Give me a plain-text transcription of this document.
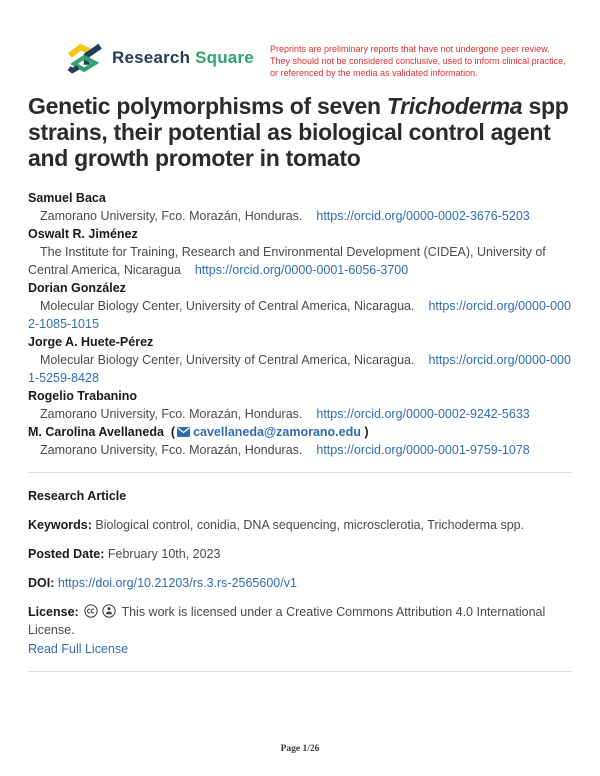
Research Square Preprints are preliminary reports that have not undergone peer review.
They should not be considered conclusive, used to inform clinical practice,
or referenced by the media as validated information.
Genetic polymorphisms of seven Trichoderma spp strains, their potential as biological control agent and growth promoter in tomato
Samuel Baca

Zamorano University, Fco. Morazán, Honduras. https://orcid.org/0000-0002-3676-5203

Oswalt R. Jiménez

The Institute for Training, Research and Environmental Development (CIDEA), University of Central America, Nicaragua https://orcid.org/0000-0001-6056-3700

Dorian González

Molecular Biology Center, University of Central America, Nicaragua. https://orcid.org/0000-0002-1085-1015

Jorge A. Huete-Pérez

Molecular Biology Center, University of Central America, Nicaragua. https://orcid.org/0000-0001-5259-8428

Rogelio Trabanino

Zamorano University, Fco. Morazán, Honduras. https://orcid.org/0000-0002-9242-5633

M. Carolina Avellaneda ( cavellaneda@zamorano.edu )

Zamorano University, Fco. Morazán, Honduras. https://orcid.org/0000-0001-9759-1078

Research Article

Keywords: Biological control, conidia, DNA sequencing, microsclerotia, Trichoderma spp.

Posted Date: February 10th, 2023

DOI: https://doi.org/10.21203/rs.3.rs-2565600/v1

License:	This work is licensed under a Creative Commons Attribution 4.0 International License.
Read Full License

Page 1/26
